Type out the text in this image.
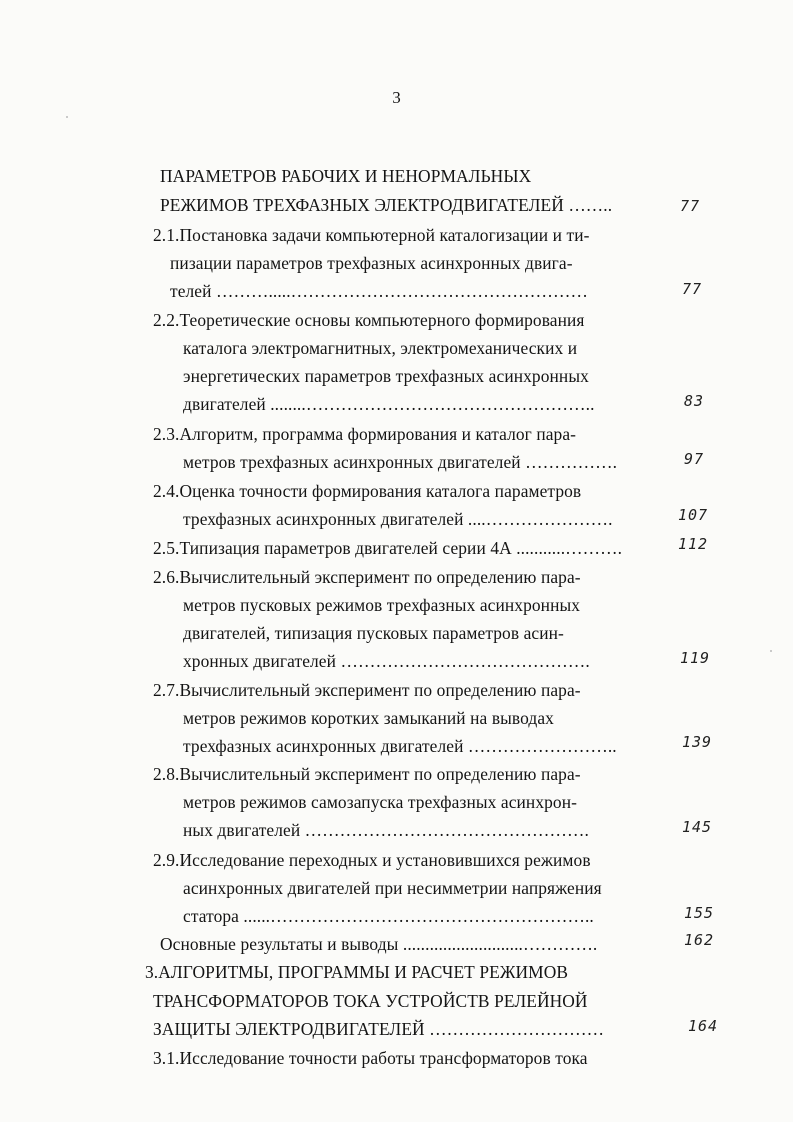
3
ПАРАМЕТРОВ РАБОЧИХ И НЕНОРМАЛЬНЫХ
РЕЖИМОВ ТРЕХФАЗНЫХ ЭЛЕКТРОДВИГАТЕЛЕЙ ……..	77
2.1.Постановка задачи компьютерной каталогизации и ти-
пизации параметров трехфазных асинхронных двига-
телей ……….....……………………………………………	77
2.2.Теоретические основы компьютерного формирования
каталога электромагнитных, электромеханических и
энергетических параметров трехфазных асинхронных
двигателей ........…………………………………………..	83
2.3.Алгоритм, программа формирования и каталог пара-
метров трехфазных асинхронных двигателей …………….	97
2.4.Оценка точности формирования каталога параметров
трехфазных асинхронных двигателей ....………………….	107
2.5.Типизация параметров двигателей серии 4А ...........……….	112
2.6.Вычислительный эксперимент по определению пара-
метров пусковых режимов трехфазных асинхронных
двигателей, типизация пусковых параметров асин-
хронных двигателей …………………………………….	119
2.7.Вычислительный эксперимент по определению пара-
метров режимов коротких замыканий на выводах
трехфазных асинхронных двигателей ……………………..	139
2.8.Вычислительный эксперимент по определению пара-
метров режимов самозапуска трехфазных асинхрон-
ных двигателей ………………………………………….	145
2.9.Исследование переходных и установившихся режимов
асинхронных двигателей при несимметрии напряжения
статора ......………………………………………………..	155
Основные результаты и выводы ...........................………….	162
3.АЛГОРИТМЫ, ПРОГРАММЫ И РАСЧЕТ РЕЖИМОВ
ТРАНСФОРМАТОРОВ ТОКА УСТРОЙСТВ РЕЛЕЙНОЙ
ЗАЩИТЫ ЭЛЕКТРОДВИГАТЕЛЕЙ …………………………	164
3.1.Исследование точности работы трансформаторов тока
